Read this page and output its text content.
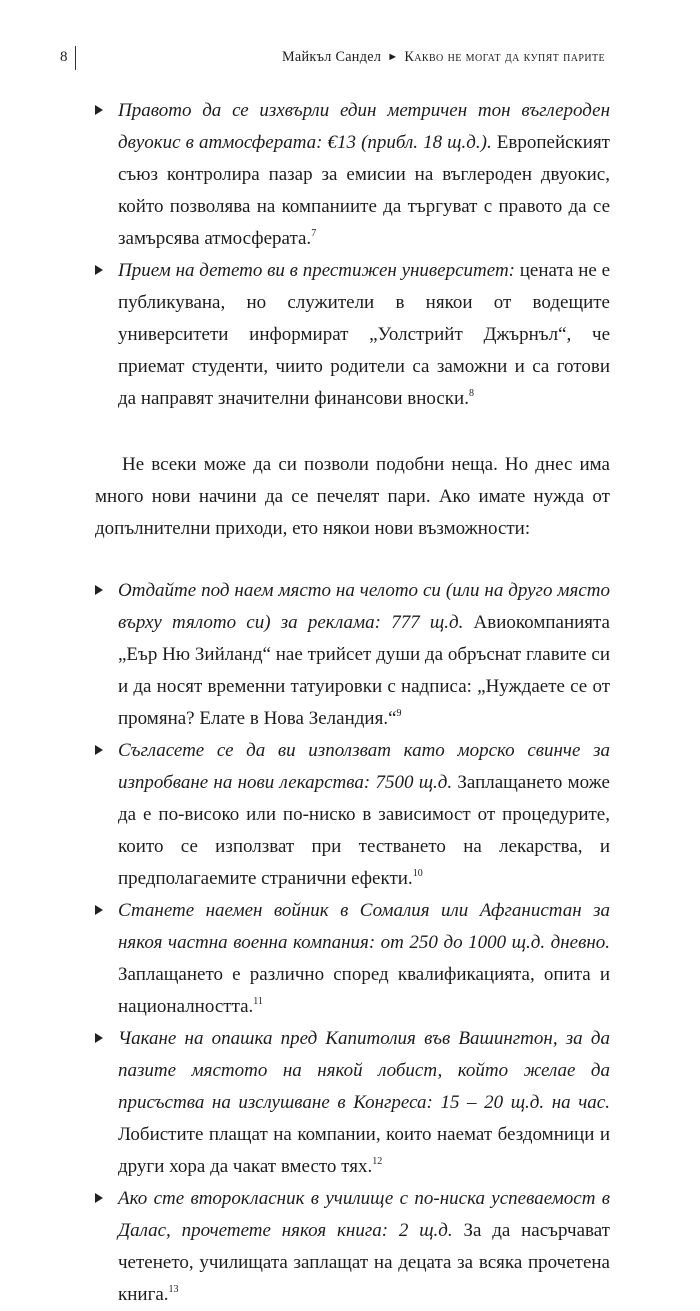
8	Майкъл Сандел ► Какво не могат да купят парите
Правото да се изхвърли един метричен тон въглероден двуокис в атмосферата: €13 (прибл. 18 щ.д.). Европейският съюз контролира пазар за емисии на въглероден двуокис, който позволява на компаниите да търгуват с правото да се замърсява атмосферата.$^7$
Прием на детето ви в престижен университет: цената не е публикувана, но служители в някои от водещите университети информират „Уолстрийт Джърнъл“, че приемат студенти, чиито родители са заможни и са готови да направят значителни финансови вноски.$^8$

Не всеки може да си позволи подобни неща. Но днес има много нови начини да се печелят пари. Ако имате нужда от допълнителни приходи, ето някои нови възможности:

Отдайте под наем място на челото си (или на друго място върху тялото си) за реклама: 777 щ.д. Авиокомпанията „Еър Ню Зийланд“ нае трийсет души да обръснат главите си и да носят временни татуировки с надписа: „Нуждаете се от промяна? Елате в Нова Зеландия.“$^9$
Съгласете се да ви използват като морско свинче за изпробване на нови лекарства: 7500 щ.д. Заплащането може да е по-високо или по-ниско в зависимост от процедурите, които се използват при тестването на лекарства, и предполагаемите странични ефекти.$^{10}$
Станете наемен войник в Сомалия или Афганистан за някоя частна военна компания: от 250 до 1000 щ.д. дневно. Заплащането е различно според квалификацията, опита и националността.$^{11}$
Чакане на опашка пред Капитолия във Вашингтон, за да пазите мястото на някой лобист, който желае да присъства на изслушване в Конгреса: 15 – 20 щ.д. на час. Лобистите плащат на компании, които наемат бездомници и други хора да чакат вместо тях.$^{12}$
Ако сте второкласник в училище с по-ниска успеваемост в Далас, прочетете някоя книга: 2 щ.д. За да насърчават четенето, училищата заплащат на децата за всяка прочетена книга.$^{13}$
